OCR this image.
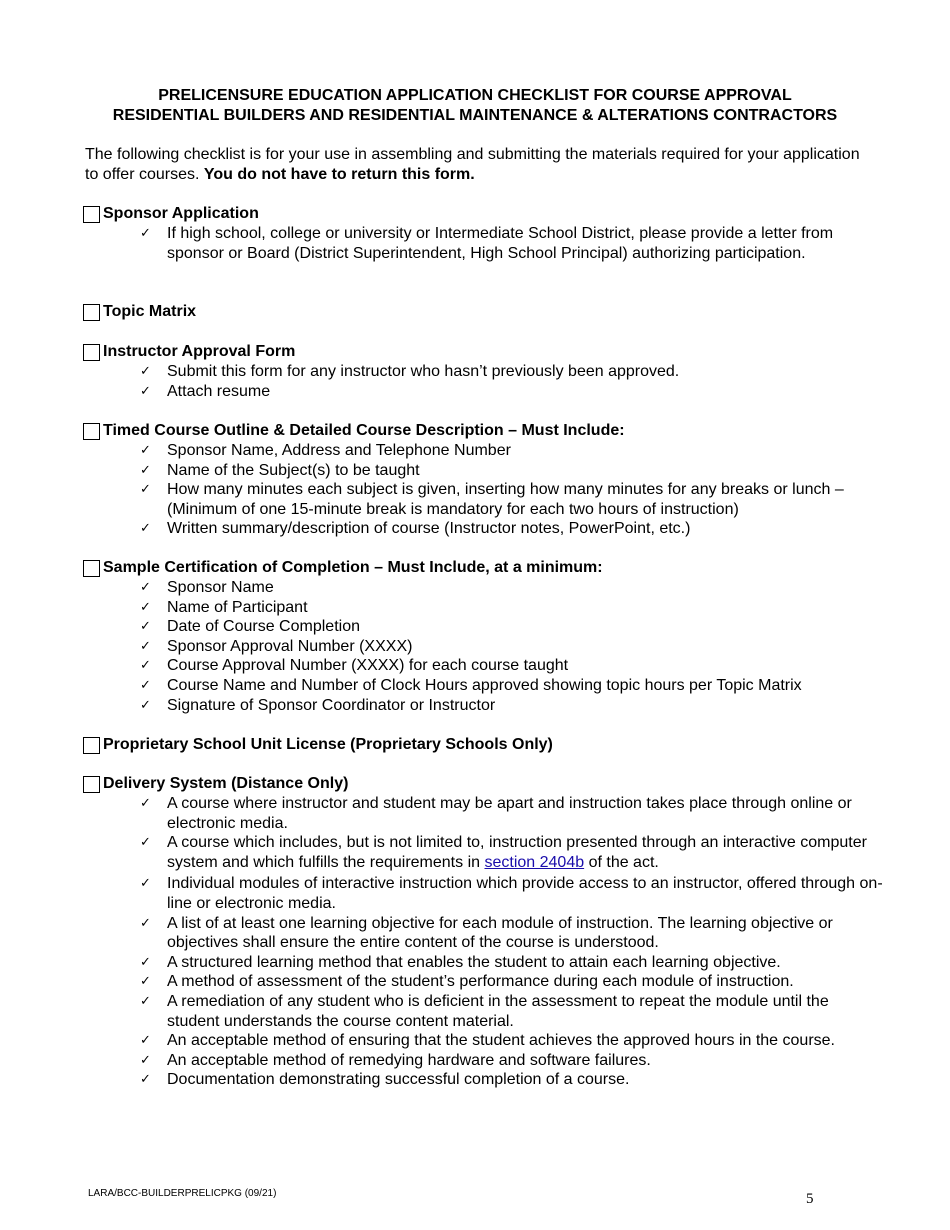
PRELICENSURE EDUCATION APPLICATION CHECKLIST FOR COURSE APPROVAL
RESIDENTIAL BUILDERS AND RESIDENTIAL MAINTENANCE & ALTERATIONS CONTRACTORS
The following checklist is for your use in assembling and submitting the materials required for your application to offer courses. You do not have to return this form.
Sponsor Application
✓ If high school, college or university or Intermediate School District, please provide a letter from sponsor or Board (District Superintendent, High School Principal) authorizing participation.
Topic Matrix
Instructor Approval Form
✓ Submit this form for any instructor who hasn’t previously been approved.
✓ Attach resume
Timed Course Outline & Detailed Course Description – Must Include:
✓ Sponsor Name, Address and Telephone Number
✓ Name of the Subject(s) to be taught
✓ How many minutes each subject is given, inserting how many minutes for any breaks or lunch – (Minimum of one 15-minute break is mandatory for each two hours of instruction)
✓ Written summary/description of course (Instructor notes, PowerPoint, etc.)
Sample Certification of Completion – Must Include, at a minimum:
✓ Sponsor Name
✓ Name of Participant
✓ Date of Course Completion
✓ Sponsor Approval Number (XXXX)
✓ Course Approval Number (XXXX) for each course taught
✓ Course Name and Number of Clock Hours approved showing topic hours per Topic Matrix
✓ Signature of Sponsor Coordinator or Instructor
Proprietary School Unit License (Proprietary Schools Only)
Delivery System (Distance Only)
✓ A course where instructor and student may be apart and instruction takes place through online or electronic media.
✓ A course which includes, but is not limited to, instruction presented through an interactive computer system and which fulfills the requirements in section 2404b of the act.
✓ Individual modules of interactive instruction which provide access to an instructor, offered through on-line or electronic media.
✓ A list of at least one learning objective for each module of instruction. The learning objective or objectives shall ensure the entire content of the course is understood.
✓ A structured learning method that enables the student to attain each learning objective.
✓ A method of assessment of the student’s performance during each module of instruction.
✓ A remediation of any student who is deficient in the assessment to repeat the module until the student understands the course content material.
✓ An acceptable method of ensuring that the student achieves the approved hours in the course.
✓ An acceptable method of remedying hardware and software failures.
✓ Documentation demonstrating successful completion of a course.
LARA/BCC-BUILDERPRELICPKG (09/21)	5
